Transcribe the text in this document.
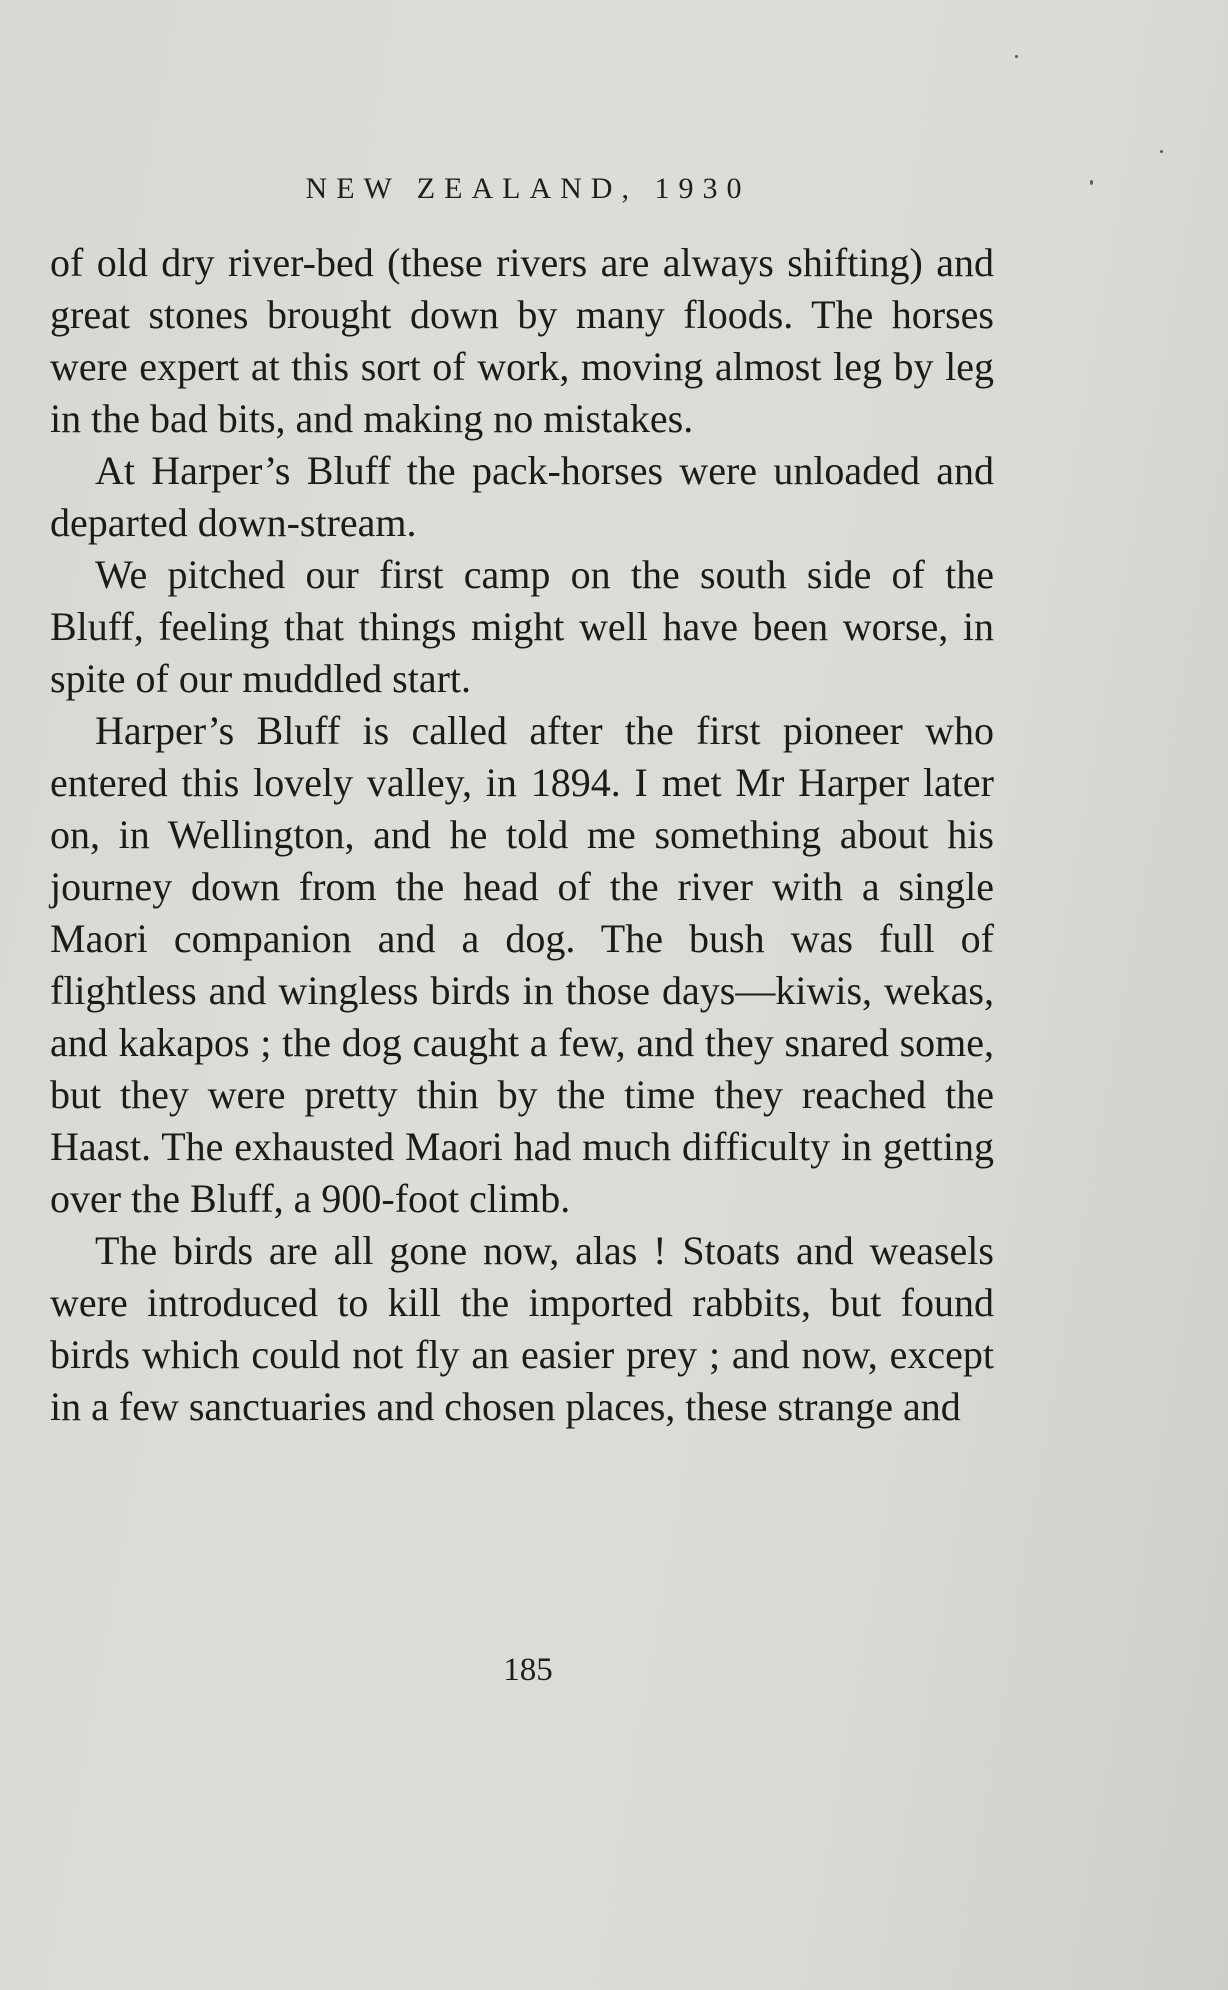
NEW ZEALAND, 1930

of old dry river-bed (these rivers are always shifting) and great stones brought down by many floods. The horses were expert at this sort of work, moving almost leg by leg in the bad bits, and making no mistakes.

At Harper’s Bluff the pack-horses were unloaded and departed down-stream.

We pitched our first camp on the south side of the Bluff, feeling that things might well have been worse, in spite of our muddled start.

Harper’s Bluff is called after the first pioneer who entered this lovely valley, in 1894. I met Mr Harper later on, in Wellington, and he told me something about his journey down from the head of the river with a single Maori companion and a dog. The bush was full of flightless and wingless birds in those days—kiwis, wekas, and kakapos ; the dog caught a few, and they snared some, but they were pretty thin by the time they reached the Haast. The exhausted Maori had much difficulty in getting over the Bluff, a 900-foot climb.

The birds are all gone now, alas ! Stoats and weasels were introduced to kill the imported rabbits, but found birds which could not fly an easier prey ; and now, except in a few sanctuaries and chosen places, these strange and

185
